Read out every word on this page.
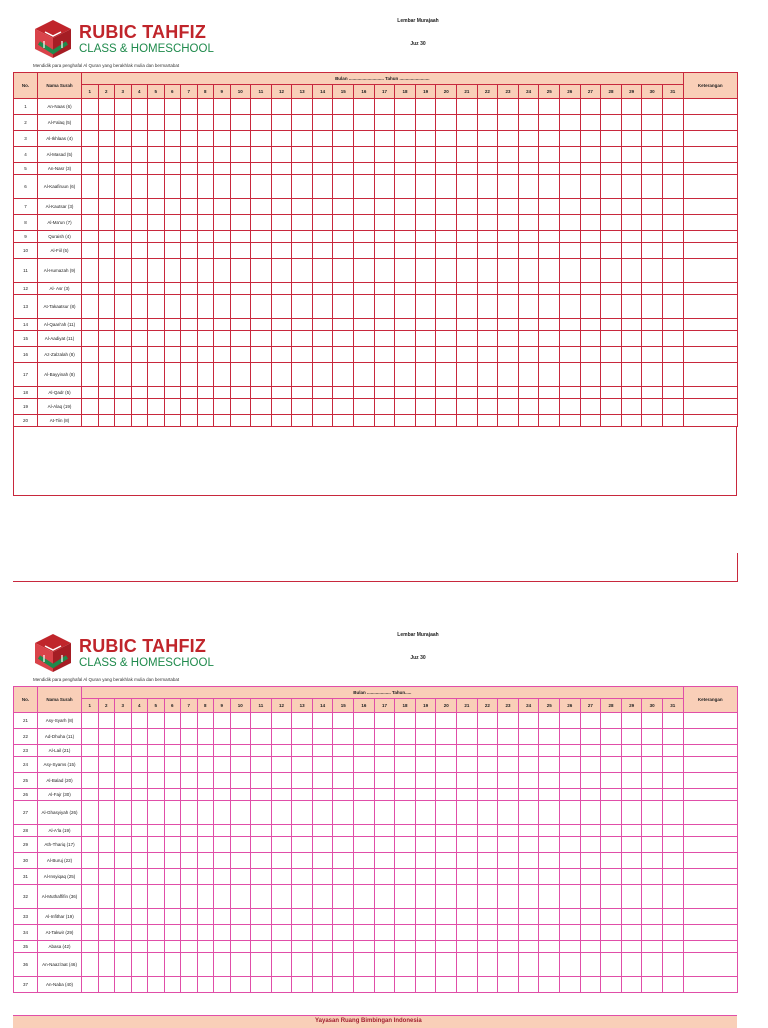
RUBIC TAHFIZ
CLASS & HOMESCHOOL
Mendidik para penghafal Al Quran yang berakhlak mulia dan bermartabat
Lembar Murajaah
Juz 30
No.	Nama Surah	Bulan ............................ Tahun ........................																															Keterangan
		1	2	3	4	5	6	7	8	9	10	11	12	13	14	15	16	17	18	19	20	21	22	23	24	25	26	27	28	29	30	31	
1	An-Naas (6)																																
2	Al-Falaq (5)																																
3	Al-Ikhlaas (4)																																
4	Al-Masad (5)																																
5	An-Nasr (3)																																
6	Al-Kaafiruun (6)																																
7	Al-Kautsar (3)																																
8	Al-Ma'un (7)																																
9	Quraish (4)																																
10	Al-Fiil (5)																																
11	Al-Humazah (9)																																
12	Al- Asr (3)																																
13	At-Takaatsur (8)																																
14	Al-Qaari'ah (11)																																
15	Al-Aadiyat (11)																																
16	Az-Zalzalah (8)																																
17	Al-Bayyinah (8)																																
18	Al-Qadr (5)																																
19	Al-Alaq (19)																																
20	At-Tiin (8)																																
RUBIC TAHFIZ
CLASS & HOMESCHOOL
Mendidik para penghafal Al Quran yang berakhlak mulia dan bermartabat
Lembar Murajaah
Juz 30
No.	Nama Surah	Bulan ................... Tahun.....																															Keterangan
		1	2	3	4	5	6	7	8	9	10	11	12	13	14	15	16	17	18	19	20	21	22	23	24	25	26	27	28	29	30	31	
21	Asy-Syarh (8)																																
22	Ad-Dhuha (11)																																
23	Al-Lail (21)																																
24	Asy-Syams (15)																																
25	Al-Balad (20)																																
26	Al-Fajr (30)																																
27	Al-Ghasyiyah (26)																																
28	Al-A'la (19)																																
29	Ath-Thariq (17)																																
30	Al-Buruj (22)																																
31	Al-Insyiqaq (25)																																
32	Al-Muthaffifin (36)																																
33	Al-Infithar (19)																																
34	At-Takwir (29)																																
35	Abasa (42)																																
36	An-Naazi'aat (46)																																
37	An-Naba (40)																																
Yayasan Ruang Bimbingan Indonesia
